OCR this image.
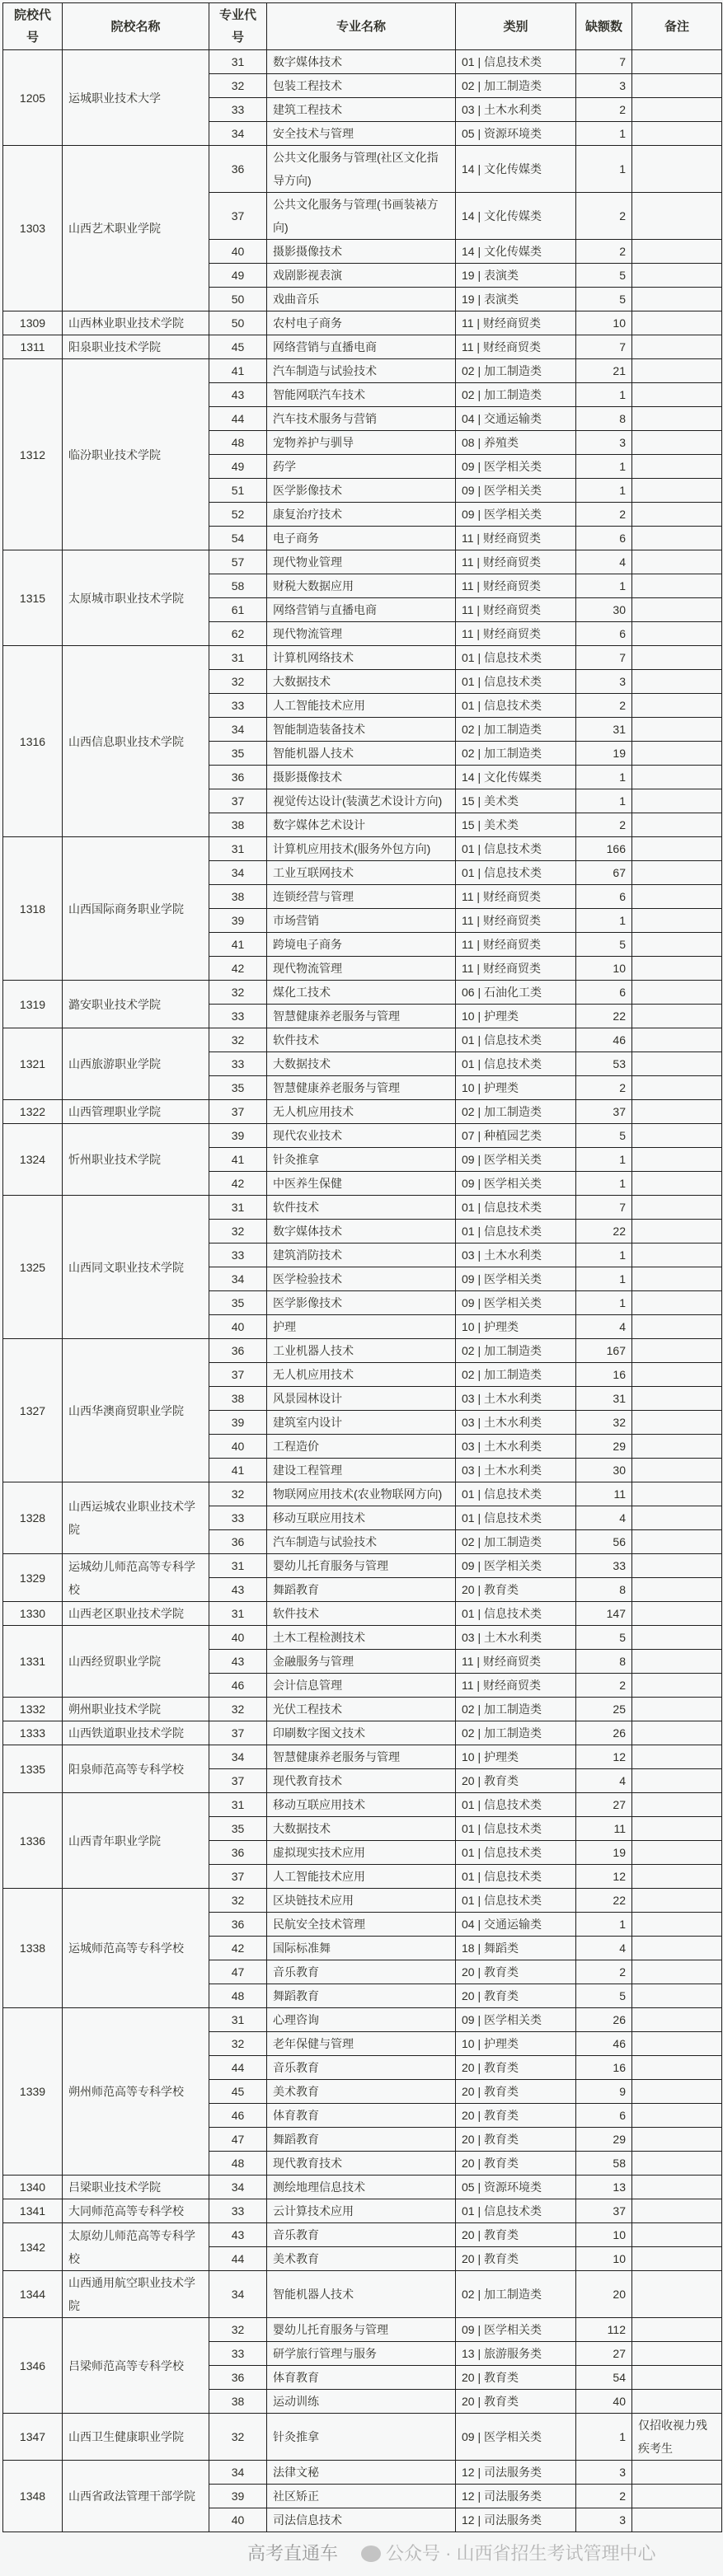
院校代号	院校名称	专业代号	专业名称	类别	缺额数	备注
1205	运城职业技术大学	31	数字媒体技术	01 | 信息技术类	7	
		32	包装工程技术	02 | 加工制造类	3	
		33	建筑工程技术	03 | 土木水利类	2	
		34	安全技术与管理	05 | 资源环境类	1	
1303	山西艺术职业学院	36	公共文化服务与管理(社区文化指导方向)	14 | 文化传媒类	1	
		37	公共文化服务与管理(书画装裱方向)	14 | 文化传媒类	2	
		40	摄影摄像技术	14 | 文化传媒类	2	
		49	戏剧影视表演	19 | 表演类	5	
		50	戏曲音乐	19 | 表演类	5	
1309	山西林业职业技术学院	50	农村电子商务	11 | 财经商贸类	10	
1311	阳泉职业技术学院	45	网络营销与直播电商	11 | 财经商贸类	7	
1312	临汾职业技术学院	41	汽车制造与试验技术	02 | 加工制造类	21	
		43	智能网联汽车技术	02 | 加工制造类	1	
		44	汽车技术服务与营销	04 | 交通运输类	8	
		48	宠物养护与驯导	08 | 养殖类	3	
		49	药学	09 | 医学相关类	1	
		51	医学影像技术	09 | 医学相关类	1	
		52	康复治疗技术	09 | 医学相关类	2	
		54	电子商务	11 | 财经商贸类	6	
1315	太原城市职业技术学院	57	现代物业管理	11 | 财经商贸类	4	
		58	财税大数据应用	11 | 财经商贸类	1	
		61	网络营销与直播电商	11 | 财经商贸类	30	
		62	现代物流管理	11 | 财经商贸类	6	
1316	山西信息职业技术学院	31	计算机网络技术	01 | 信息技术类	7	
		32	大数据技术	01 | 信息技术类	3	
		33	人工智能技术应用	01 | 信息技术类	2	
		34	智能制造装备技术	02 | 加工制造类	31	
		35	智能机器人技术	02 | 加工制造类	19	
		36	摄影摄像技术	14 | 文化传媒类	1	
		37	视觉传达设计(装潢艺术设计方向)	15 | 美术类	1	
		38	数字媒体艺术设计	15 | 美术类	2	
1318	山西国际商务职业学院	31	计算机应用技术(服务外包方向)	01 | 信息技术类	166	
		34	工业互联网技术	01 | 信息技术类	67	
		38	连锁经营与管理	11 | 财经商贸类	6	
		39	市场营销	11 | 财经商贸类	1	
		41	跨境电子商务	11 | 财经商贸类	5	
		42	现代物流管理	11 | 财经商贸类	10	
1319	潞安职业技术学院	32	煤化工技术	06 | 石油化工类	6	
		33	智慧健康养老服务与管理	10 | 护理类	22	
1321	山西旅游职业学院	32	软件技术	01 | 信息技术类	46	
		33	大数据技术	01 | 信息技术类	53	
		35	智慧健康养老服务与管理	10 | 护理类	2	
1322	山西管理职业学院	37	无人机应用技术	02 | 加工制造类	37	
1324	忻州职业技术学院	39	现代农业技术	07 | 种植园艺类	5	
		41	针灸推拿	09 | 医学相关类	1	
		42	中医养生保健	09 | 医学相关类	1	
1325	山西同文职业技术学院	31	软件技术	01 | 信息技术类	7	
		32	数字媒体技术	01 | 信息技术类	22	
		33	建筑消防技术	03 | 土木水利类	1	
		34	医学检验技术	09 | 医学相关类	1	
		35	医学影像技术	09 | 医学相关类	1	
		40	护理	10 | 护理类	4	
1327	山西华澳商贸职业学院	36	工业机器人技术	02 | 加工制造类	167	
		37	无人机应用技术	02 | 加工制造类	16	
		38	风景园林设计	03 | 土木水利类	31	
		39	建筑室内设计	03 | 土木水利类	32	
		40	工程造价	03 | 土木水利类	29	
		41	建设工程管理	03 | 土木水利类	30	
1328	山西运城农业职业技术学院	32	物联网应用技术(农业物联网方向)	01 | 信息技术类	11	
		33	移动互联应用技术	01 | 信息技术类	4	
		36	汽车制造与试验技术	02 | 加工制造类	56	
1329	运城幼儿师范高等专科学校	31	婴幼儿托育服务与管理	09 | 医学相关类	33	
		43	舞蹈教育	20 | 教育类	8	
1330	山西老区职业技术学院	31	软件技术	01 | 信息技术类	147	
1331	山西经贸职业学院	40	土木工程检测技术	03 | 土木水利类	5	
		43	金融服务与管理	11 | 财经商贸类	8	
		46	会计信息管理	11 | 财经商贸类	2	
1332	朔州职业技术学院	32	光伏工程技术	02 | 加工制造类	25	
1333	山西铁道职业技术学院	37	印刷数字图文技术	02 | 加工制造类	26	
1335	阳泉师范高等专科学校	34	智慧健康养老服务与管理	10 | 护理类	12	
		37	现代教育技术	20 | 教育类	4	
1336	山西青年职业学院	31	移动互联应用技术	01 | 信息技术类	27	
		35	大数据技术	01 | 信息技术类	11	
		36	虚拟现实技术应用	01 | 信息技术类	19	
		37	人工智能技术应用	01 | 信息技术类	12	
1338	运城师范高等专科学校	32	区块链技术应用	01 | 信息技术类	22	
		36	民航安全技术管理	04 | 交通运输类	1	
		42	国际标准舞	18 | 舞蹈类	4	
		47	音乐教育	20 | 教育类	2	
		48	舞蹈教育	20 | 教育类	5	
1339	朔州师范高等专科学校	31	心理咨询	09 | 医学相关类	26	
		32	老年保健与管理	10 | 护理类	46	
		44	音乐教育	20 | 教育类	16	
		45	美术教育	20 | 教育类	9	
		46	体育教育	20 | 教育类	6	
		47	舞蹈教育	20 | 教育类	29	
		48	现代教育技术	20 | 教育类	58	
1340	吕梁职业技术学院	34	测绘地理信息技术	05 | 资源环境类	13	
1341	大同师范高等专科学校	33	云计算技术应用	01 | 信息技术类	37	
1342	太原幼儿师范高等专科学校	43	音乐教育	20 | 教育类	10	
		44	美术教育	20 | 教育类	10	
1344	山西通用航空职业技术学院	34	智能机器人技术	02 | 加工制造类	20	
1346	吕梁师范高等专科学校	32	婴幼儿托育服务与管理	09 | 医学相关类	112	
		33	研学旅行管理与服务	13 | 旅游服务类	27	
		36	体育教育	20 | 教育类	54	
		38	运动训练	20 | 教育类	40	
1347	山西卫生健康职业学院	32	针灸推拿	09 | 医学相关类	1	仅招收视力残疾考生
1348	山西省政法管理干部学院	34	法律文秘	12 | 司法服务类	3	
		39	社区矫正	12 | 司法服务类	2	
		40	司法信息技术	12 | 司法服务类	3	
高考直通车	公众号 · 山西省招生考试管理中心
